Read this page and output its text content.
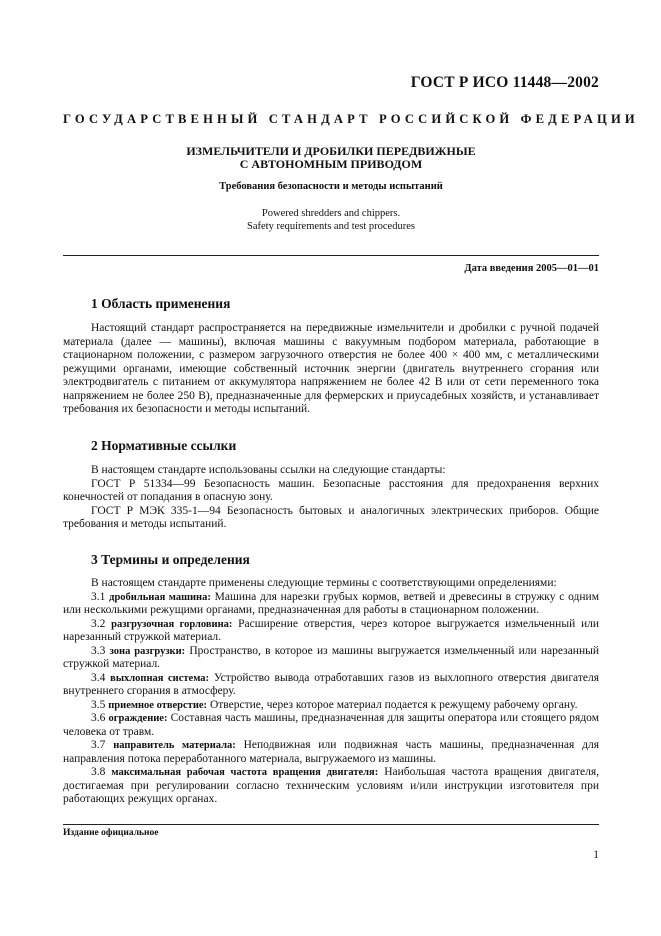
ГОСТ Р ИСО 11448—2002
ГОСУДАРСТВЕННЫЙ СТАНДАРТ РОССИЙСКОЙ ФЕДЕРАЦИИ
ИЗМЕЛЬЧИТЕЛИ И ДРОБИЛКИ ПЕРЕДВИЖНЫЕ
С АВТОНОМНЫМ ПРИВОДОМ
Требования безопасности и методы испытаний
Powered shredders and chippers.
Safety requirements and test procedures
Дата введения 2005—01—01
1 Область применения

Настоящий стандарт распространяется на передвижные измельчители и дробилки с ручной подачей материала (далее — машины), включая машины с вакуумным подбором материала, работающие в стационарном положении, с размером загрузочного отверстия не более 400 × 400 мм, с металлическими режущими органами, имеющие собственный источник энергии (двигатель внутреннего сгорания или электродвигатель с питанием от аккумулятора напряжением не более 42 В или от сети переменного тока напряжением не более 250 В), предназначенные для фермерских и приусадебных хозяйств, и устанавливает требования их безопасности и методы испытаний.

2 Нормативные ссылки

В настоящем стандарте использованы ссылки на следующие стандарты:

ГОСТ Р 51334—99 Безопасность машин. Безопасные расстояния для предохранения верхних конечностей от попадания в опасную зону.

ГОСТ Р МЭК 335-1—94 Безопасность бытовых и аналогичных электрических приборов. Общие требования и методы испытаний.

3 Термины и определения

В настоящем стандарте применены следующие термины с соответствующими определениями:

3.1 дробильная машина: Машина для нарезки грубых кормов, ветвей и древесины в стружку с одним или несколькими режущими органами, предназначенная для работы в стационарном положении.

3.2 разгрузочная горловина: Расширение отверстия, через которое выгружается измельченный или нарезанный стружкой материал.

3.3 зона разгрузки: Пространство, в которое из машины выгружается измельченный или нарезанный стружкой материал.

3.4 выхлопная система: Устройство вывода отработавших газов из выхлопного отверстия двигателя внутреннего сгорания в атмосферу.

3.5 приемное отверстие: Отверстие, через которое материал подается к режущему рабочему органу.

3.6 ограждение: Составная часть машины, предназначенная для защиты оператора или стоящего рядом человека от травм.

3.7 направитель материала: Неподвижная или подвижная часть машины, предназначенная для направления потока переработанного материала, выгружаемого из машины.

3.8 максимальная рабочая частота вращения двигателя: Наибольшая частота вращения двигателя, достигаемая при регулировании согласно техническим условиям и/или инструкции изготовителя при работающих режущих органах.

Издание официальное
1
